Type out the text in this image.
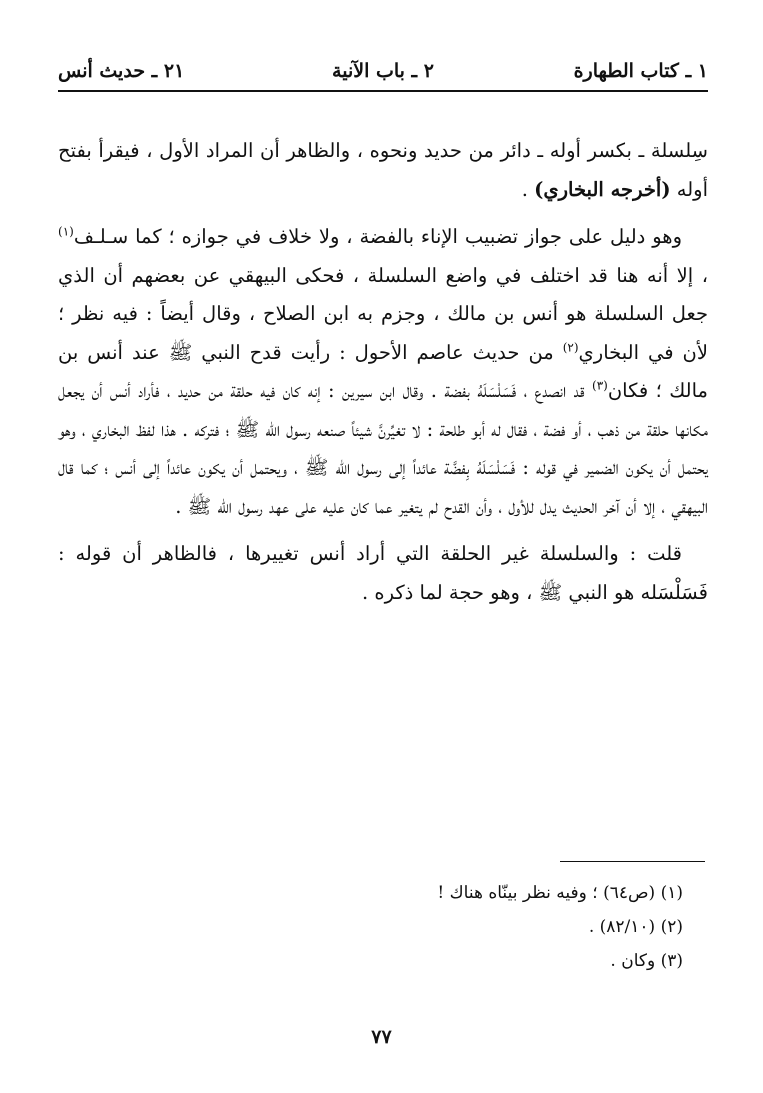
١ ـ كتاب الطهارة
٢ ـ باب الآنية
٢١ ـ حديث أنس

سِلسلة ـ بكسر أوله ـ دائر من حديد ونحوه ، والظاهر أن المراد الأول ، فيقرأ بفتح أوله (أخرجه البخاري) .

وهو دليل على جواز تضبيب الإناء بالفضة ، ولا خلاف في جوازه ؛ كما سـلـف$^{(١)}$ ، إلا أنه هنا قد اختلف في واضع السلسلة ، فحكى البيهقي عن بعضهم أن الذي جعل السلسلة هو أنس بن مالك ، وجزم به ابن الصلاح ، وقال أيضاً : فيه نظر ؛ لأن في البخاري$^{(٢)}$ من حديث عاصم الأحول : رأيت قدح النبي ﷺ عند أنس بن مالك ؛ فكان$^{(٣)}$ قد انصدع ، فَسَلْسَلَهُ بفضة . وقال ابن سيرين : إنه كان فيه حلقة من حديد ، فأراد أنس أن يجعل مكانها حلقة من ذهب ، أو فضة ، فقال له أبو طلحة : لا تغيِّرنَّ شيئاً صنعه رسول الله ﷺ ؛ فتركه . هذا لفظ البخاري ، وهو يحتمل أن يكون الضمير في قوله : فَسَلْسَلَهُ بِفضَّة عائداً إلى رسول الله ﷺ ، ويحتمل أن يكون عائداً إلى أنس ؛ كما قال البيهقي ، إلا أن آخر الحديث يدل للأول ، وأن القدح لم يتغير عما كان عليه على عهد رسول الله ﷺ .

قلت : والسلسلة غير الحلقة التي أراد أنس تغييرها ، فالظاهر أن قوله : فَسَلْسَله هو النبي ﷺ ، وهو حجة لما ذكره .

(١) (ص٦٤) ؛ وفيه نظر بينّاه هناك !
(٢) (٨٢/١٠) .
(٣) وكان .
٧٧
